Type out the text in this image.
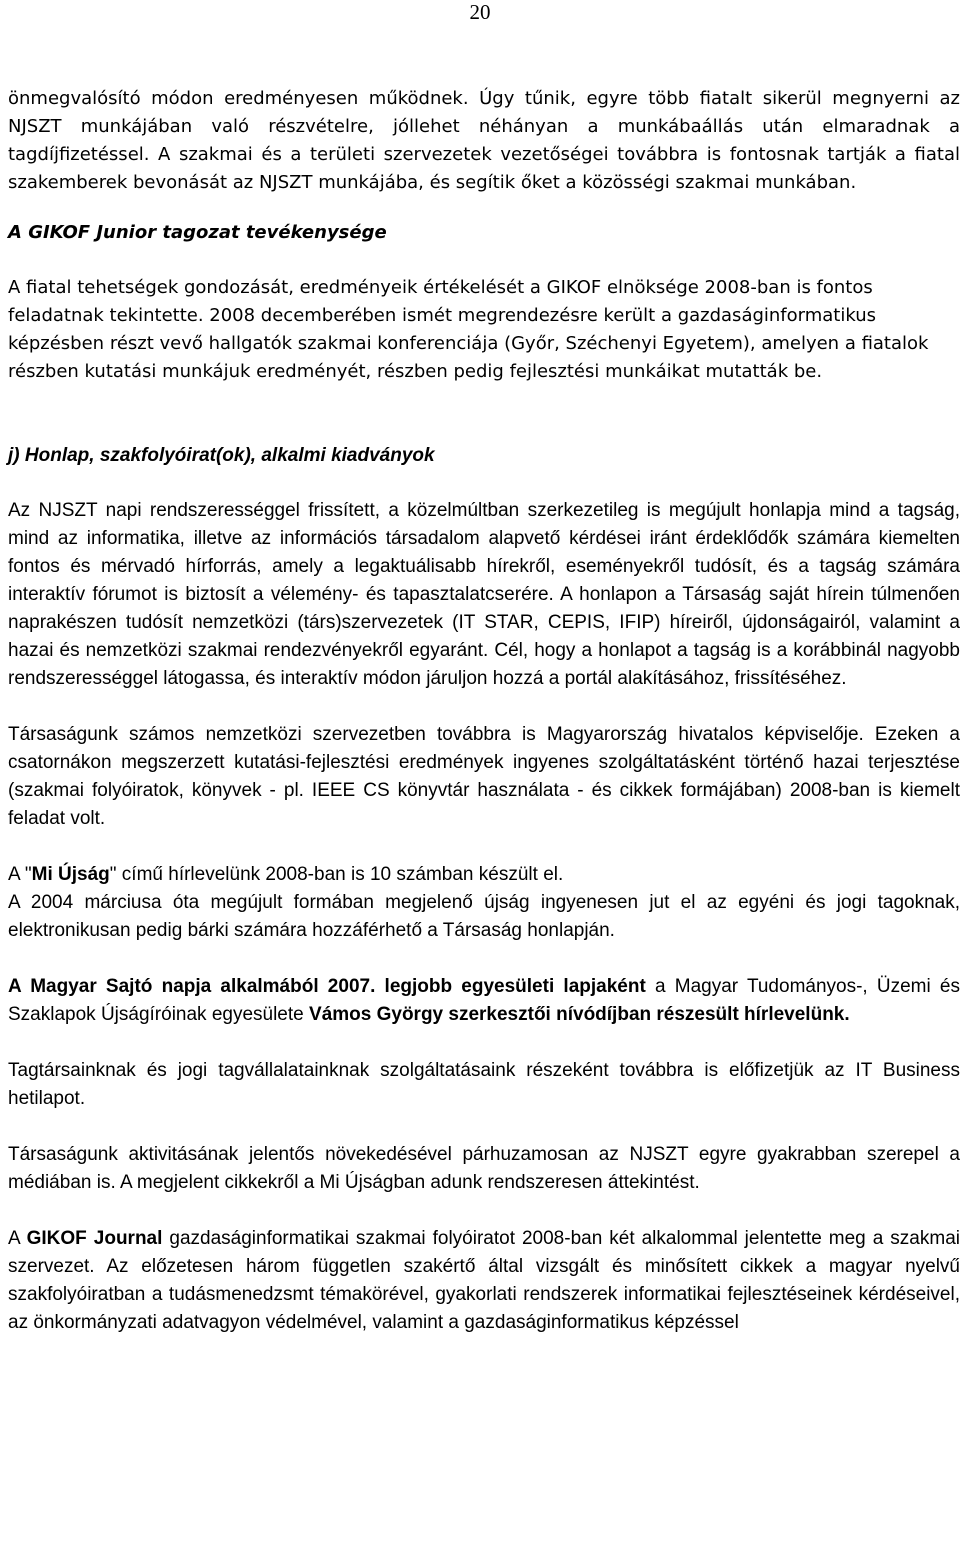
20

önmegvalósító módon eredményesen működnek. Úgy tűnik, egyre több fiatalt sikerül megnyerni az NJSZT munkájában való részvételre, jóllehet néhányan a munkábaállás után elmaradnak a tagdíjfizetéssel. A szakmai és a területi szervezetek vezetőségei továbbra is fontosnak tartják a fiatal szakemberek bevonását az NJSZT munkájába, és segítik őket a közösségi szakmai munkában.

A GIKOF Junior tagozat tevékenysége

A fiatal tehetségek gondozását, eredményeik értékelését a GIKOF elnöksége 2008-ban is fontos feladatnak tekintette. 2008 decemberében ismét megrendezésre került a gazdaságinformatikus képzésben részt vevő hallgatók szakmai konferenciája (Győr, Széchenyi Egyetem), amelyen a fiatalok részben kutatási munkájuk eredményét, részben pedig fejlesztési munkáikat mutatták be.

j) Honlap, szakfolyóirat(ok), alkalmi kiadványok

Az NJSZT napi rendszerességgel frissített, a közelmúltban szerkezetileg is megújult honlapja mind a tagság, mind az informatika, illetve az információs társadalom alapvető kérdései iránt érdeklődők számára kiemelten fontos és mérvadó hírforrás, amely a legaktuálisabb hírekről, eseményekről tudósít, és a tagság számára interaktív fórumot is biztosít a vélemény- és tapasztalatcserére. A honlapon a Társaság saját hírein túlmenően naprakészen tudósít nemzetközi (társ)szervezetek (IT STAR, CEPIS, IFIP) híreiről, újdonságairól, valamint a hazai és nemzetközi szakmai rendezvényekről egyaránt. Cél, hogy a honlapot a tagság is a korábbinál nagyobb rendszerességgel látogassa, és interaktív módon járuljon hozzá a portál alakításához, frissítéséhez.

Társaságunk számos nemzetközi szervezetben továbbra is Magyarország hivatalos képviselője. Ezeken a csatornákon megszerzett kutatási-fejlesztési eredmények ingyenes szolgáltatásként történő hazai terjesztése (szakmai folyóiratok, könyvek - pl. IEEE CS könyvtár használata - és cikkek formájában) 2008-ban is kiemelt feladat volt.

A "Mi Újság" című hírlevelünk 2008-ban is 10 számban készült el.

A 2004 márciusa óta megújult formában megjelenő újság ingyenesen jut el az egyéni és jogi tagoknak, elektronikusan pedig bárki számára hozzáférhető a Társaság honlapján.

A Magyar Sajtó napja alkalmából 2007. legjobb egyesületi lapjaként a Magyar Tudományos-, Üzemi és Szaklapok Újságíróinak egyesülete Vámos György szerkesztői nívódíjban részesült hírlevelünk.

Tagtársainknak és jogi tagvállalatainknak szolgáltatásaink részeként továbbra is előfizetjük az IT Business hetilapot.

Társaságunk aktivitásának jelentős növekedésével párhuzamosan az NJSZT egyre gyakrabban szerepel a médiában is. A megjelent cikkekről a Mi Újságban adunk rendszeresen áttekintést.

A GIKOF Journal gazdaságinformatikai szakmai folyóiratot 2008-ban két alkalommal jelentette meg a szakmai szervezet. Az előzetesen három független szakértő által vizsgált és minősített cikkek a magyar nyelvű szakfolyóiratban a tudásmenedzsmt témakörével, gyakorlati rendszerek informatikai fejlesztéseinek kérdéseivel, az önkormányzati adatvagyon védelmével, valamint a gazdaságinformatikus képzéssel
